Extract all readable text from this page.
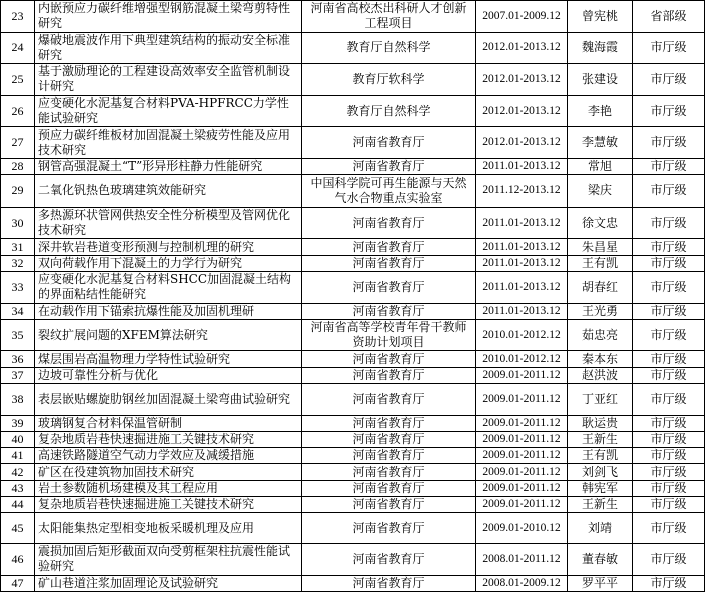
23	内嵌预应力碳纤维增强型钢筋混凝土梁弯剪特性研究	河南省高校杰出科研人才创新工程项目	2007.01-2009.12	曾宪桃	省部级
24	爆破地震波作用下典型建筑结构的振动安全标准研究	教育厅自然科学	2012.01-2013.12	魏海霞	市厅级
25	基于激励理论的工程建设高效率安全监管机制设计研究	教育厅软科学	2012.01-2013.12	张建设	市厅级
26	应变硬化水泥基复合材料PVA-HPFRCC力学性能试验研究	教育厅自然科学	2012.01-2013.12	李艳	市厅级
27	预应力碳纤维板材加固混凝土梁疲劳性能及应用技术研究	河南省教育厅	2012.01-2013.12	李慧敏	市厅级
28	钢管高强混凝土“T”形异形柱静力性能研究	河南省教育厅	2011.01-2013.12	常旭	市厅级
29	二氧化钒热色玻璃建筑效能研究	中国科学院可再生能源与天然气水合物重点实验室	2011.12-2013.12	梁庆	市厅级
30	多热源环状管网供热安全性分析模型及管网优化技术研究	河南省教育厅	2011.01-2013.12	徐文忠	市厅级
31	深井软岩巷道变形预测与控制机理的研究	河南省教育厅	2011.01-2013.12	朱昌星	市厅级
32	双向荷载作用下混凝土的力学行为研究	河南省教育厅	2011.01-2013.12	王有凯	市厅级
33	应变硬化水泥基复合材料SHCC加固混凝土结构的界面粘结性能研究	河南省教育厅	2011.01-2013.12	胡春红	市厅级
34	在动载作用下锚索抗爆性能及加固机理研	河南省教育厅	2011.01-2013.12	王光勇	市厅级
35	裂纹扩展问题的XFEM算法研究	河南省高等学校青年骨干教师资助计划项目	2010.01-2012.12	茹忠亮	市厅级
36	煤层围岩高温物理力学特性试验研究	河南省教育厅	2010.01-2012.12	秦本东	市厅级
37	边坡可靠性分析与优化	河南省教育厅	2009.01-2011.12	赵洪波	市厅级
38	表层嵌贴螺旋肋钢丝加固混凝土梁弯曲试验研究	河南省教育厅	2009.01-2011.12	丁亚红	市厅级
39	玻璃钢复合材料保温管研制	河南省教育厅	2009.01-2011.12	耿运贵	市厅级
40	复杂地质岩巷快速掘进施工关键技术研究	河南省教育厅	2009.01-2011.12	王新生	市厅级
41	高速铁路隧道空气动力学效应及减缓措施	河南省教育厅	2009.01-2011.12	王有凯	市厅级
42	矿区在役建筑物加固技术研究	河南省教育厅	2009.01-2011.12	刘剑飞	市厅级
43	岩土参数随机场建模及其工程应用	河南省教育厅	2009.01-2011.12	韩宪军	市厅级
44	复杂地质岩巷快速掘进施工关键技术研究	河南省教育厅	2009.01-2011.12	王新生	市厅级
45	太阳能集热定型相变地板采暖机理及应用	河南省教育厅	2009.01-2010.12	刘靖	市厅级
46	震损加固后矩形截面双向受剪框架柱抗震性能试验研究	河南省教育厅	2008.01-2011.12	董春敏	市厅级
47	矿山巷道注浆加固理论及试验研究	河南省教育厅	2008.01-2009.12	罗平平	市厅级
